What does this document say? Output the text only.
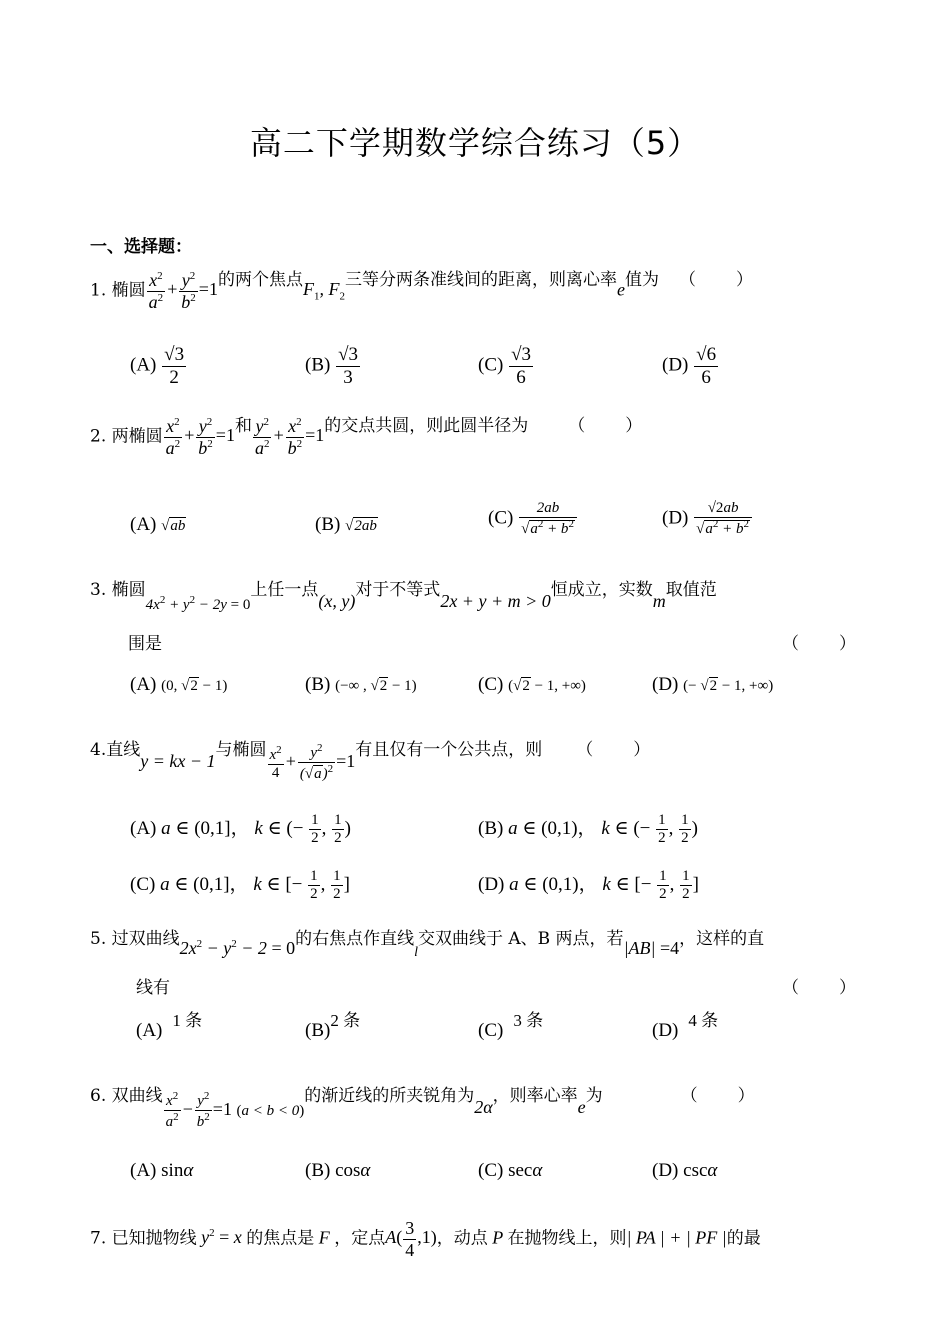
高二下学期数学综合练习（5）
一、选择题：
1. 椭圆 $\frac{x^2}{a^2} + \frac{y^2}{b^2} =1$的两个焦点$F_1$, $F_2$三等分两条准线间的距离，则离心率e值为 （　　）
$(A) \frac{√3}{2}$	$(B) \frac{√3}{3}$	$(C) \frac{√3}{6}$	$(D) \frac{√6}{6}$
2. 两椭圆 $\frac{x^2}{a^2} + \frac{y^2}{b^2} =1$和 $\frac{y^2}{a^2} + \frac{x^2}{b^2} =1$的交点共圆，则此圆半径为 （　　）
(A) √ab	(B) √2ab	$(C) \frac{2ab}{√a^2 + b^2}$	$(D) \frac{√2ab}{√a^2 + b^2}$
3. 椭圆$4x^2 + y^2 - 2y = 0$上任一点(x, y)对于不等式2x + y + m > 0恒成立，实数m取值范
围是	（　　）
(A) (0, √2 − 1)	(B) (−∞ , √2 − 1)	(C) (√2 − 1, +∞)	(D) (− √2 − 1, +∞)
4.直线y = kx − 1与椭圆 $\frac{x^2}{4} + \frac{y^2}{(√a)^2} =1$有且仅有一个公共点，则 （　　）
(A) a ∈ (0,1]， k ∈ (− $\frac{1}{2}$ , $\frac{1}{2}$ )	(B) a ∈ (0,1)， k ∈ (− $\frac{1}{2}$ , $\frac{1}{2}$ )
(C) a ∈ (0,1]， k ∈ [− $\frac{1}{2}$ , $\frac{1}{2}$ ]	(D) a ∈ (0,1)， k ∈ [− $\frac{1}{2}$ , $\frac{1}{2}$ ]
5. 过双曲线$2x^2 - y^2 - 2 = 0$的右焦点作直线$_l$交双曲线于 A、B 两点，若|AB| =4，这样的直
线有	（　　）
(A) 1 条	(B)2 条	(C) 3 条	(D) 4 条
6. 双曲线 $\frac{x^2}{a^2} - \frac{y^2}{b^2} =1$ (a < b < 0)的渐近线的所夹锐角为2α，则率心率e为	（　　）
(A) sinα	(B) cosα	(C) secα	(D) cscα
7. 已知抛物线 $y^2 = x$ 的焦点是 F ，定点$A( \frac{3}{4} ,1)$，动点 P 在抛物线上，则| PA | + | PF |的最
